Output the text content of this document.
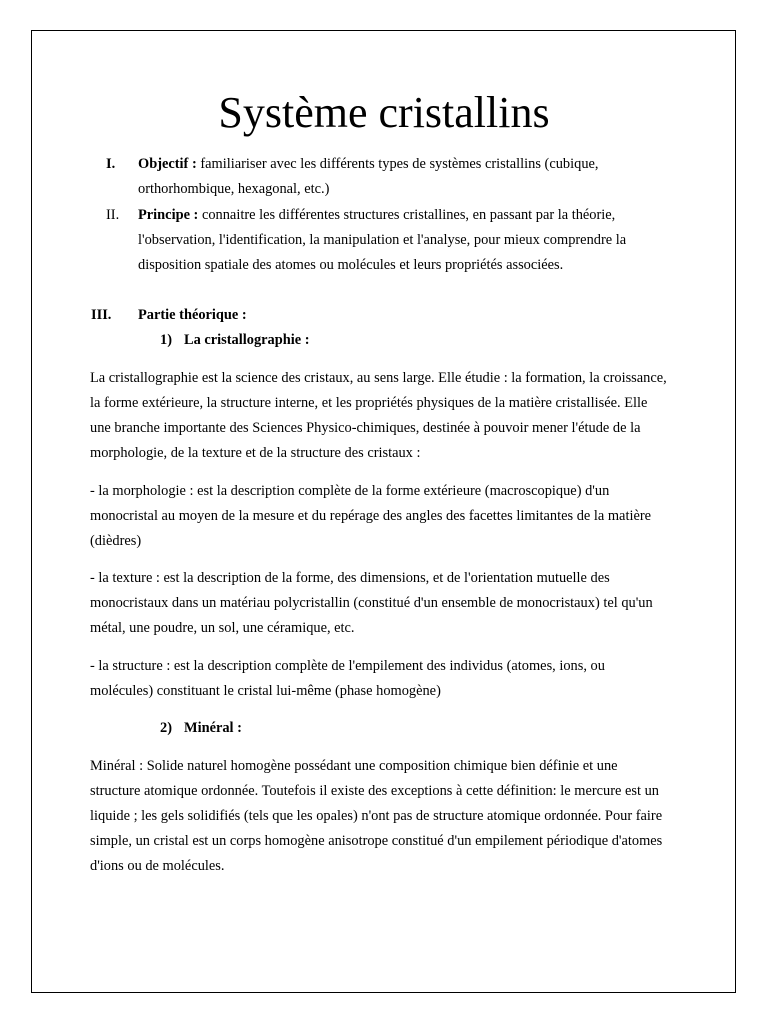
Système cristallins
I. Objectif : familiariser avec les différents types de systèmes cristallins (cubique, orthorhombique, hexagonal, etc.)
II. Principe : connaitre les différentes structures cristallines, en passant par la théorie, l'observation, l'identification, la manipulation et l'analyse, pour mieux comprendre la disposition spatiale des atomes ou molécules et leurs propriétés associées.
III. Partie théorique :
1) La cristallographie :
La cristallographie est la science des cristaux, au sens large. Elle étudie : la formation, la croissance, la forme extérieure, la structure interne, et les propriétés physiques de la matière cristallisée. Elle une branche importante des Sciences Physico-chimiques, destinée à pouvoir mener l'étude de la morphologie, de la texture et de la structure des cristaux :
- la morphologie : est la description complète de la forme extérieure (macroscopique) d'un monocristal au moyen de la mesure et du repérage des angles des facettes limitantes de la matière (dièdres)
- la texture : est la description de la forme, des dimensions, et de l'orientation mutuelle des monocristaux dans un matériau polycristallin (constitué d'un ensemble de monocristaux) tel qu'un métal, une poudre, un sol, une céramique, etc.
- la structure : est la description complète de l'empilement des individus (atomes, ions, ou molécules) constituant le cristal lui-même (phase homogène)
2) Minéral :
Minéral : Solide naturel homogène possédant une composition chimique bien définie et une structure atomique ordonnée. Toutefois il existe des exceptions à cette définition: le mercure est un liquide ; les gels solidifiés (tels que les opales) n'ont pas de structure atomique ordonnée. Pour faire simple, un cristal est un corps homogène anisotrope constitué d'un empilement périodique d'atomes d'ions ou de molécules.
